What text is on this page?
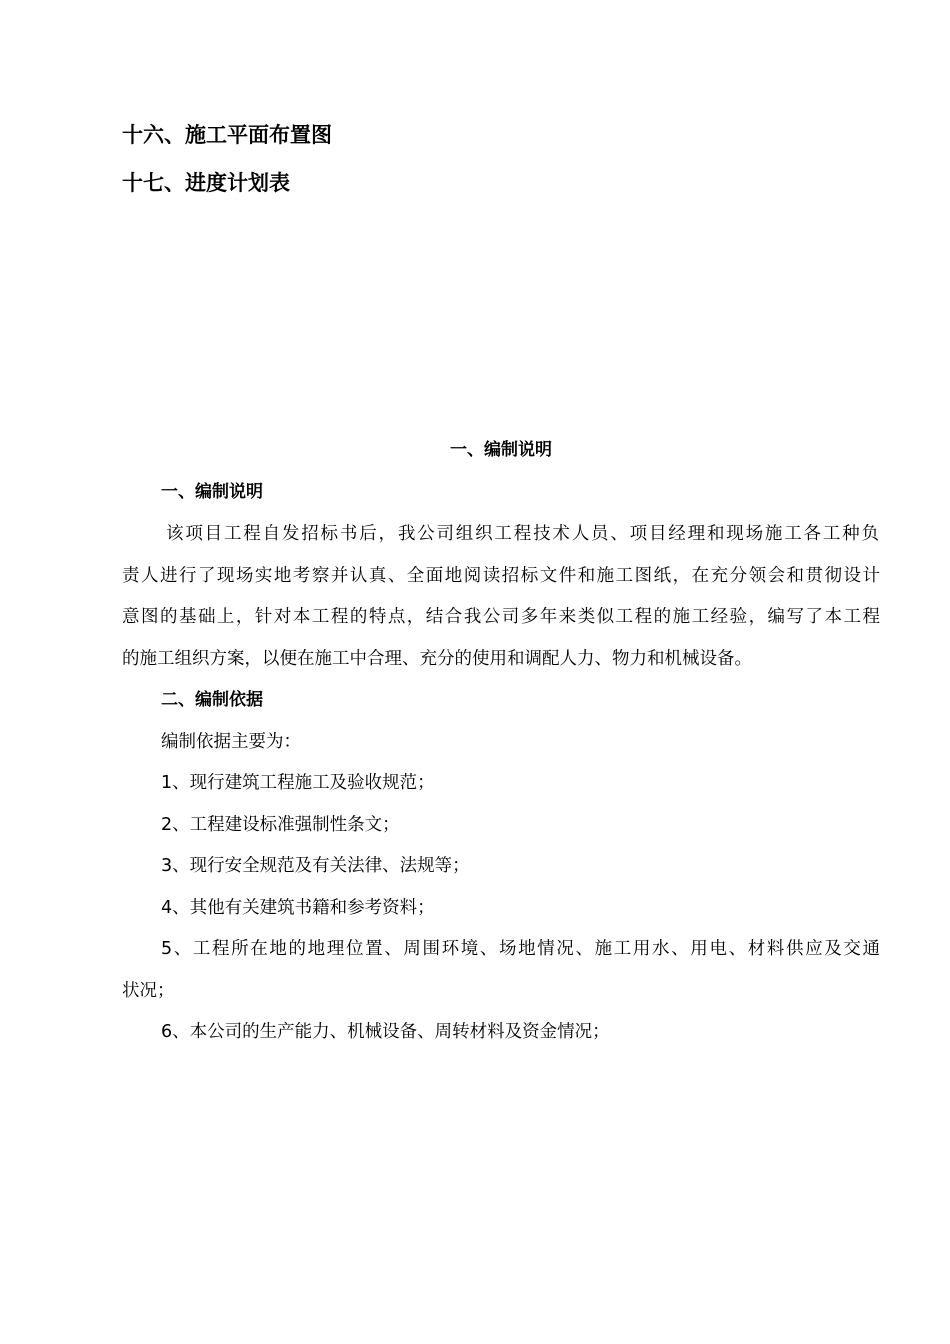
十六、施工平面布置图
十七、进度计划表
一、编制说明
一、编制说明
该项目工程自发招标书后，我公司组织工程技术人员、项目经理和现场施工各工种负
责人进行了现场实地考察并认真、全面地阅读招标文件和施工图纸，在充分领会和贯彻设计
意图的基础上，针对本工程的特点，结合我公司多年来类似工程的施工经验，编写了本工程
的施工组织方案，以便在施工中合理、充分的使用和调配人力、物力和机械设备。
二、编制依据
编制依据主要为：
1、现行建筑工程施工及验收规范；
2、工程建设标准强制性条文；
3、现行安全规范及有关法律、法规等；
4、其他有关建筑书籍和参考资料；
5、工程所在地的地理位置、周围环境、场地情况、施工用水、用电、材料供应及交通
状况；
6、本公司的生产能力、机械设备、周转材料及资金情况；
